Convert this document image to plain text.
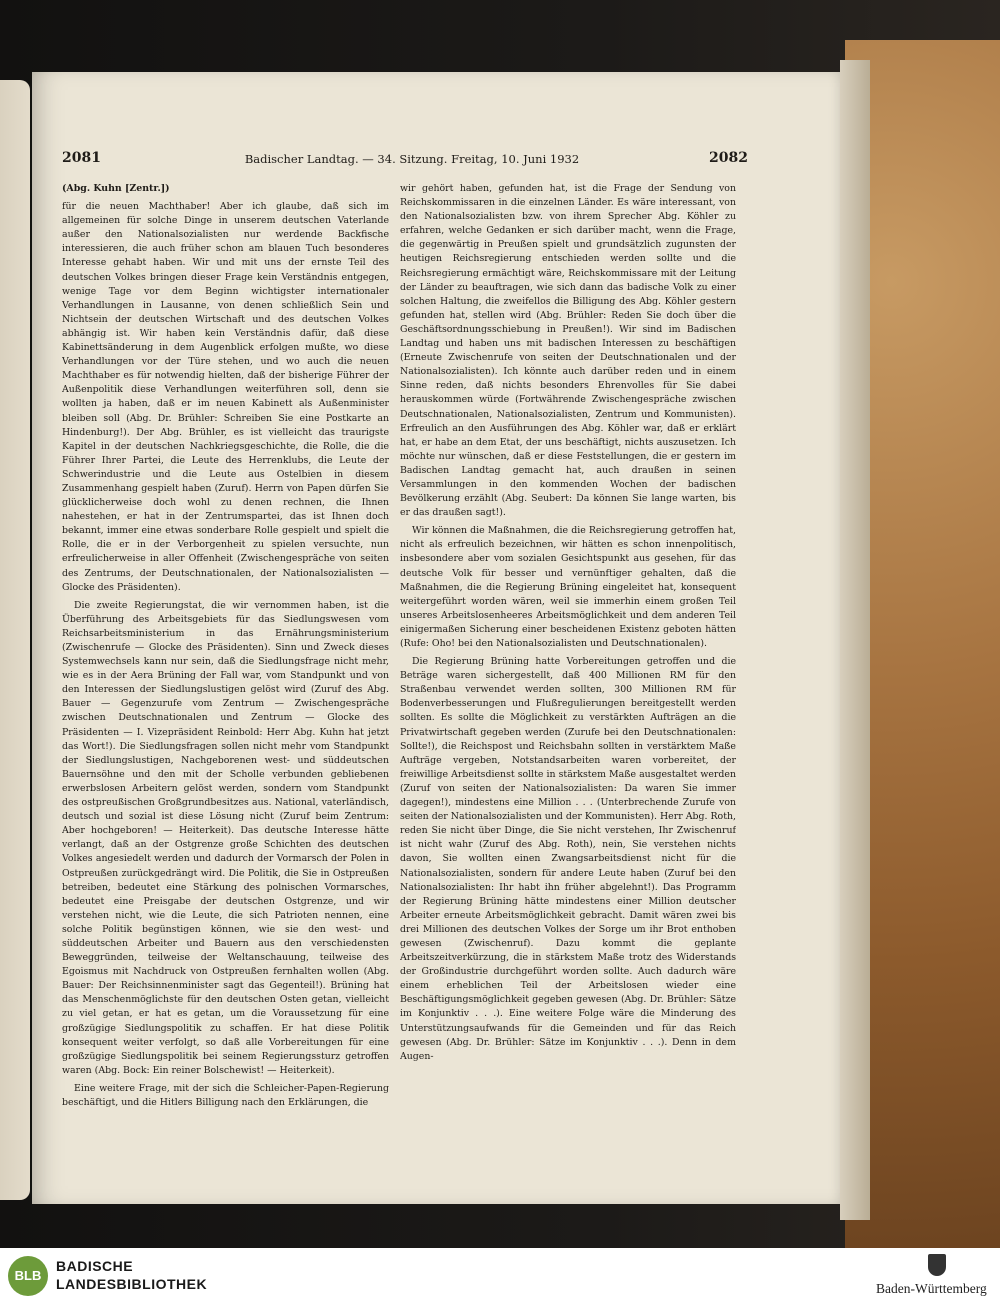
2081	Badischer Landtag. — 34. Sitzung. Freitag, 10. Juni 1932	2082

(Abg. Kuhn [Zentr.])

für die neuen Machthaber! Aber ich glaube, daß sich im allgemeinen für solche Dinge in unserem deutschen Vaterlande außer den Nationalsozialisten nur werdende Backfische interessieren, die auch früher schon am blauen Tuch besonderes Interesse gehabt haben. Wir und mit uns der ernste Teil des deutschen Volkes bringen dieser Frage kein Verständnis entgegen, wenige Tage vor dem Beginn wichtigster internationaler Verhandlungen in Lausanne, von denen schließlich Sein und Nichtsein der deutschen Wirtschaft und des deutschen Volkes abhängig ist. Wir haben kein Verständnis dafür, daß diese Kabinettsänderung in dem Augenblick erfolgen mußte, wo diese Verhandlungen vor der Türe stehen, und wo auch die neuen Machthaber es für notwendig hielten, daß der bisherige Führer der Außenpolitik diese Verhandlungen weiterführen soll, denn sie wollten ja haben, daß er im neuen Kabinett als Außenminister bleiben soll (Abg. Dr. Brühler: Schreiben Sie eine Postkarte an Hindenburg!). Der Abg. Brühler, es ist vielleicht das traurigste Kapitel in der deutschen Nachkriegsgeschichte, die Rolle, die die Führer Ihrer Partei, die Leute des Herrenklubs, die Leute der Schwerindustrie und die Leute aus Ostelbien in diesem Zusammenhang gespielt haben (Zuruf). Herrn von Papen dürfen Sie glücklicherweise doch wohl zu denen rechnen, die Ihnen nahestehen, er hat in der Zentrumspartei, das ist Ihnen doch bekannt, immer eine etwas sonderbare Rolle gespielt und spielt die Rolle, die er in der Verborgenheit zu spielen versuchte, nun erfreulicherweise in aller Offenheit (Zwischengespräche von seiten des Zentrums, der Deutschnationalen, der Nationalsozialisten — Glocke des Präsidenten).

Die zweite Regierungstat, die wir vernommen haben, ist die Überführung des Arbeitsgebiets für das Siedlungswesen vom Reichsarbeitsministerium in das Ernährungsministerium (Zwischenrufe — Glocke des Präsidenten). Sinn und Zweck dieses Systemwechsels kann nur sein, daß die Siedlungsfrage nicht mehr, wie es in der Aera Brüning der Fall war, vom Standpunkt und von den Interessen der Siedlungslustigen gelöst wird (Zuruf des Abg. Bauer — Gegenzurufe vom Zentrum — Zwischengespräche zwischen Deutschnationalen und Zentrum — Glocke des Präsidenten — I. Vizepräsident Reinbold: Herr Abg. Kuhn hat jetzt das Wort!). Die Siedlungsfragen sollen nicht mehr vom Standpunkt der Siedlungslustigen, Nachgeborenen west- und süddeutschen Bauernsöhne und den mit der Scholle verbunden gebliebenen erwerbslosen Arbeitern gelöst werden, sondern vom Standpunkt des ostpreußischen Großgrundbesitzes aus. National, vaterländisch, deutsch und sozial ist diese Lösung nicht (Zuruf beim Zentrum: Aber hochgeboren! — Heiterkeit). Das deutsche Interesse hätte verlangt, daß an der Ostgrenze große Schichten des deutschen Volkes angesiedelt werden und dadurch der Vormarsch der Polen in Ostpreußen zurückgedrängt wird. Die Politik, die Sie in Ostpreußen betreiben, bedeutet eine Stärkung des polnischen Vormarsches, bedeutet eine Preisgabe der deutschen Ostgrenze, und wir verstehen nicht, wie die Leute, die sich Patrioten nennen, eine solche Politik begünstigen können, wie sie den west- und süddeutschen Arbeiter und Bauern aus den verschiedensten Beweggründen, teilweise der Weltanschauung, teilweise des Egoismus mit Nachdruck von Ostpreußen fernhalten wollen (Abg. Bauer: Der Reichsinnenminister sagt das Gegenteil!). Brüning hat das Menschenmöglichste für den deutschen Osten getan, vielleicht zu viel getan, er hat es getan, um die Voraussetzung für eine großzügige Siedlungspolitik zu schaffen. Er hat diese Politik konsequent weiter verfolgt, so daß alle Vorbereitungen für eine großzügige Siedlungspolitik bei seinem Regierungssturz getroffen waren (Abg. Bock: Ein reiner Bolschewist! — Heiterkeit).

Eine weitere Frage, mit der sich die Schleicher-Papen-Regierung beschäftigt, und die Hitlers Billigung nach den Erklärungen, die

wir gehört haben, gefunden hat, ist die Frage der Sendung von Reichskommissaren in die einzelnen Länder. Es wäre interessant, von den Nationalsozialisten bzw. von ihrem Sprecher Abg. Köhler zu erfahren, welche Gedanken er sich darüber macht, wenn die Frage, die gegenwärtig in Preußen spielt und grundsätzlich zugunsten der heutigen Reichsregierung entschieden werden sollte und die Reichsregierung ermächtigt wäre, Reichskommissare mit der Leitung der Länder zu beauftragen, wie sich dann das badische Volk zu einer solchen Haltung, die zweifellos die Billigung des Abg. Köhler gestern gefunden hat, stellen wird (Abg. Brühler: Reden Sie doch über die Geschäftsordnungsschiebung in Preußen!). Wir sind im Badischen Landtag und haben uns mit badischen Interessen zu beschäftigen (Erneute Zwischenrufe von seiten der Deutschnationalen und der Nationalsozialisten). Ich könnte auch darüber reden und in einem Sinne reden, daß nichts besonders Ehrenvolles für Sie dabei herauskommen würde (Fortwährende Zwischengespräche zwischen Deutschnationalen, Nationalsozialisten, Zentrum und Kommunisten). Erfreulich an den Ausführungen des Abg. Köhler war, daß er erklärt hat, er habe an dem Etat, der uns beschäftigt, nichts auszusetzen. Ich möchte nur wünschen, daß er diese Feststellungen, die er gestern im Badischen Landtag gemacht hat, auch draußen in seinen Versammlungen in den kommenden Wochen der badischen Bevölkerung erzählt (Abg. Seubert: Da können Sie lange warten, bis er das draußen sagt!).

Wir können die Maßnahmen, die die Reichsregierung getroffen hat, nicht als erfreulich bezeichnen, wir hätten es schon innenpolitisch, insbesondere aber vom sozialen Gesichtspunkt aus gesehen, für das deutsche Volk für besser und vernünftiger gehalten, daß die Maßnahmen, die die Regierung Brüning eingeleitet hat, konsequent weitergeführt worden wären, weil sie immerhin einem großen Teil unseres Arbeitslosenheeres Arbeitsmöglichkeit und dem anderen Teil einigermaßen Sicherung einer bescheidenen Existenz geboten hätten (Rufe: Oho! bei den Nationalsozialisten und Deutschnationalen).

Die Regierung Brüning hatte Vorbereitungen getroffen und die Beträge waren sichergestellt, daß 400 Millionen RM für den Straßenbau verwendet werden sollten, 300 Millionen RM für Bodenverbesserungen und Flußregulierungen bereitgestellt werden sollten. Es sollte die Möglichkeit zu verstärkten Aufträgen an die Privatwirtschaft gegeben werden (Zurufe bei den Deutschnationalen: Sollte!), die Reichspost und Reichsbahn sollten in verstärktem Maße Aufträge vergeben, Notstandsarbeiten waren vorbereitet, der freiwillige Arbeitsdienst sollte in stärkstem Maße ausgestaltet werden (Zuruf von seiten der Nationalsozialisten: Da waren Sie immer dagegen!), mindestens eine Million . . . (Unterbrechende Zurufe von seiten der Nationalsozialisten und der Kommunisten). Herr Abg. Roth, reden Sie nicht über Dinge, die Sie nicht verstehen, Ihr Zwischenruf ist nicht wahr (Zuruf des Abg. Roth), nein, Sie verstehen nichts davon, Sie wollten einen Zwangsarbeitsdienst nicht für die Nationalsozialisten, sondern für andere Leute haben (Zuruf bei den Nationalsozialisten: Ihr habt ihn früher abgelehnt!). Das Programm der Regierung Brüning hätte mindestens einer Million deutscher Arbeiter erneute Arbeitsmöglichkeit gebracht. Damit wären zwei bis drei Millionen des deutschen Volkes der Sorge um ihr Brot enthoben gewesen (Zwischenruf). Dazu kommt die geplante Arbeitszeitverkürzung, die in stärkstem Maße trotz des Widerstands der Großindustrie durchgeführt worden sollte. Auch dadurch wäre einem erheblichen Teil der Arbeitslosen wieder eine Beschäftigungsmöglichkeit gegeben gewesen (Abg. Dr. Brühler: Sätze im Konjunktiv . . .). Eine weitere Folge wäre die Minderung des Unterstützungsaufwands für die Gemeinden und für das Reich gewesen (Abg. Dr. Brühler: Sätze im Konjunktiv . . .). Denn in dem Augen-

BLB
BADISCHE
LANDESBIBLIOTHEK	Baden-Württemberg
